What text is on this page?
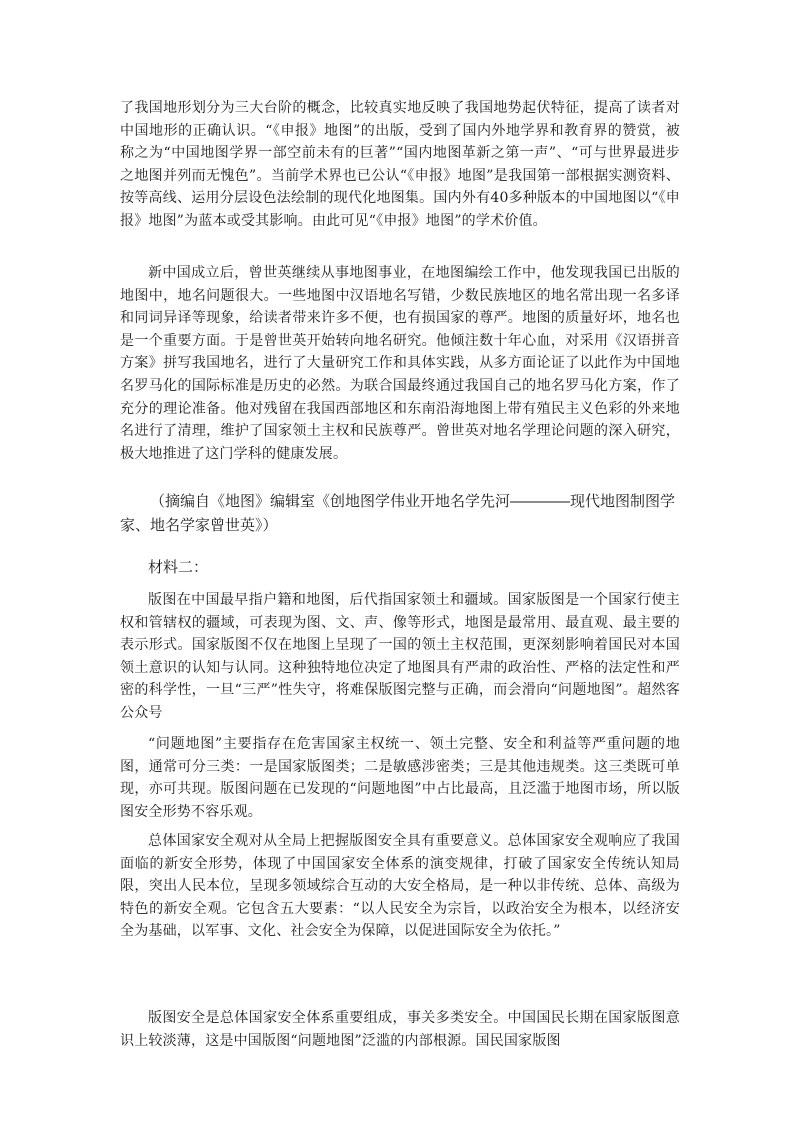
了我国地形划分为三大台阶的概念，比较真实地反映了我国地势起伏特征，提高了读者对中国地形的正确认识。“《申报》地图”的出版，受到了国内外地学界和教育界的赞赏，被称之为“中国地图学界一部空前未有的巨著”“国内地图革新之第一声”、“可与世界最进步之地图并列而无愧色”。当前学术界也已公认“《申报》地图”是我国第一部根据实测资料、按等高线、运用分层设色法绘制的现代化地图集。国内外有40多种版本的中国地图以“《申报》地图”为蓝本或受其影响。由此可见“《申报》地图”的学术价值。

新中国成立后，曾世英继续从事地图事业，在地图编绘工作中，他发现我国已出版的地图中，地名问题很大。一些地图中汉语地名写错，少数民族地区的地名常出现一名多译和同词异译等现象，给读者带来许多不便，也有损国家的尊严。地图的质量好坏，地名也是一个重要方面。于是曾世英开始转向地名研究。他倾注数十年心血，对采用《汉语拼音方案》拼写我国地名，进行了大量研究工作和具体实践，从多方面论证了以此作为中国地名罗马化的国际标准是历史的必然。为联合国最终通过我国自己的地名罗马化方案，作了充分的理论准备。他对残留在我国西部地区和东南沿海地图上带有殖民主义色彩的外来地名进行了清理，维护了国家领土主权和民族尊严。曾世英对地名学理论问题的深入研究，极大地推进了这门学科的健康发展。

（摘编自《地图》编辑室《创地图学伟业开地名学先河————现代地图制图学家、地名学家曾世英》）

材料二：

版图在中国最早指户籍和地图，后代指国家领土和疆域。国家版图是一个国家行使主权和管辖权的疆域，可表现为图、文、声、像等形式，地图是最常用、最直观、最主要的表示形式。国家版图不仅在地图上呈现了一国的领土主权范围，更深刻影响着国民对本国领土意识的认知与认同。这种独特地位决定了地图具有严肃的政治性、严格的法定性和严密的科学性，一旦“三严”性失守，将难保版图完整与正确，而会滑向“问题地图”。超然客公众号

“问题地图”主要指存在危害国家主权统一、领土完整、安全和利益等严重问题的地图，通常可分三类：一是国家版图类；二是敏感涉密类；三是其他违规类。这三类既可单现，亦可共现。版图问题在已发现的“问题地图”中占比最高，且泛滥于地图市场，所以版图安全形势不容乐观。

总体国家安全观对从全局上把握版图安全具有重要意义。总体国家安全观响应了我国面临的新安全形势，体现了中国国家安全体系的演变规律，打破了国家安全传统认知局限，突出人民本位，呈现多领域综合互动的大安全格局，是一种以非传统、总体、高级为特色的新安全观。它包含五大要素：“以人民安全为宗旨，以政治安全为根本，以经济安全为基础，以军事、文化、社会安全为保障，以促进国际安全为依托。”

版图安全是总体国家安全体系重要组成，事关多类安全。中国国民长期在国家版图意识上较淡薄，这是中国版图“问题地图”泛滥的内部根源。国民国家版图
